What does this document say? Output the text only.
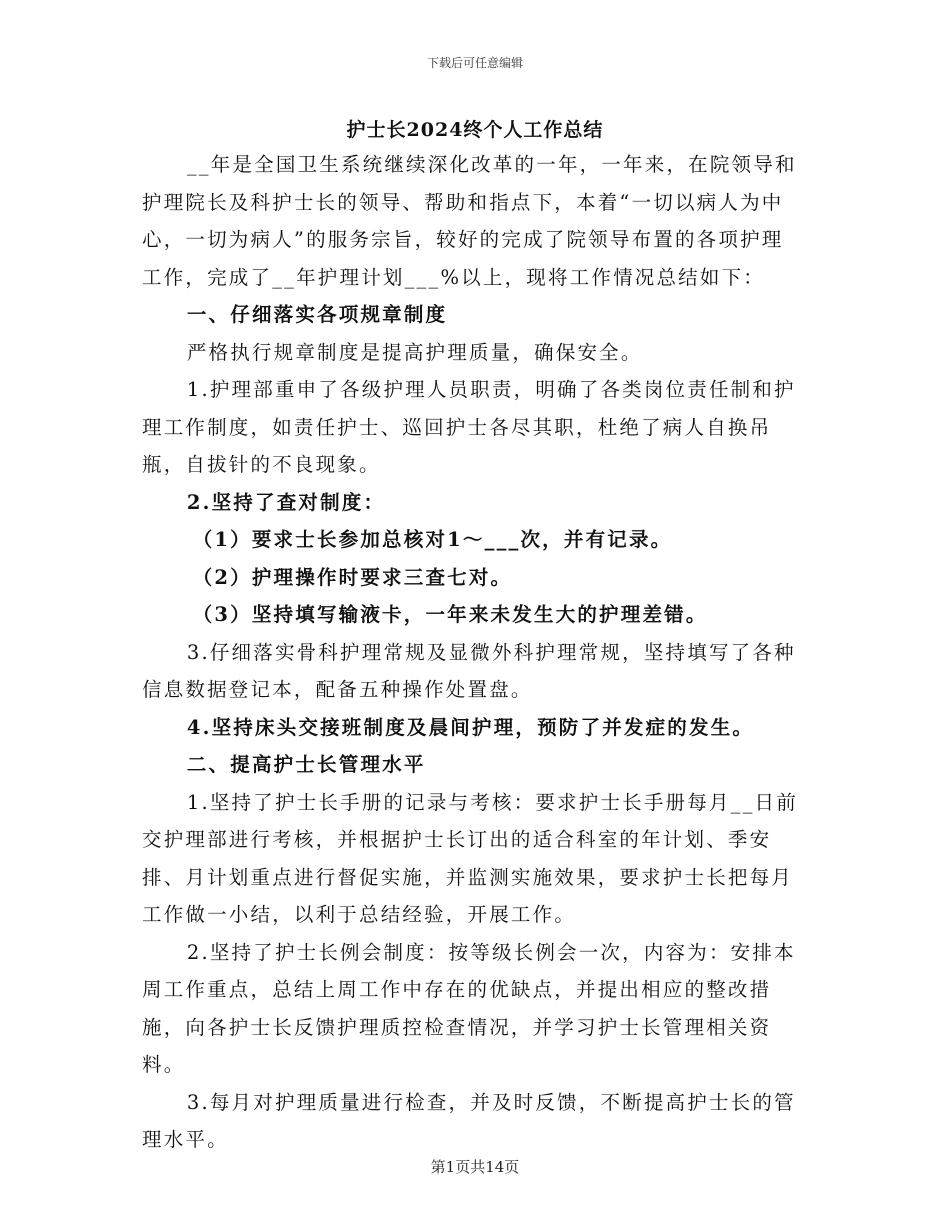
下载后可任意编辑
护士长2024终个人工作总结

__年是全国卫生系统继续深化改革的一年，一年来，在院领导和护理院长及科护士长的领导、帮助和指点下，本着“一切以病人为中心，一切为病人”的服务宗旨，较好的完成了院领导布置的各项护理工作，完成了__年护理计划___%以上，现将工作情况总结如下：

一、仔细落实各项规章制度

严格执行规章制度是提高护理质量，确保安全。

1.护理部重申了各级护理人员职责，明确了各类岗位责任制和护理工作制度，如责任护士、巡回护士各尽其职，杜绝了病人自换吊瓶，自拔针的不良现象。

2.坚持了查对制度：

（1）要求士长参加总核对1～___次，并有记录。

（2）护理操作时要求三查七对。

（3）坚持填写输液卡，一年来未发生大的护理差错。

3.仔细落实骨科护理常规及显微外科护理常规，坚持填写了各种信息数据登记本，配备五种操作处置盘。

4.坚持床头交接班制度及晨间护理，预防了并发症的发生。

二、提高护士长管理水平

1.坚持了护士长手册的记录与考核：要求护士长手册每月__日前交护理部进行考核，并根据护士长订出的适合科室的年计划、季安排、月计划重点进行督促实施，并监测实施效果，要求护士长把每月工作做一小结，以利于总结经验，开展工作。

2.坚持了护士长例会制度：按等级长例会一次，内容为：安排本周工作重点，总结上周工作中存在的优缺点，并提出相应的整改措施，向各护士长反馈护理质控检查情况，并学习护士长管理相关资料。

3.每月对护理质量进行检查，并及时反馈，不断提高护士长的管理水平。

第1页共14页
